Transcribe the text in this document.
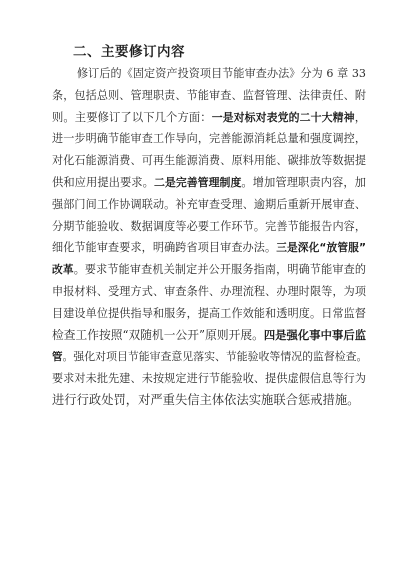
二、主要修订内容
修订后的《固定资产投资项目节能审查办法》分为 6 章 33
条，包括总则、管理职责、节能审查、监督管理、法律责任、附
则。主要修订了以下几个方面：一是对标对表党的二十大精神，
进一步明确节能审查工作导向，完善能源消耗总量和强度调控，
对化石能源消费、可再生能源消费、原料用能、碳排放等数据提
供和应用提出要求。二是完善管理制度。增加管理职责内容，加
强部门间工作协调联动。补充审查受理、逾期后重新开展审查、
分期节能验收、数据调度等必要工作环节。完善节能报告内容，
细化节能审查要求，明确跨省项目审查办法。三是深化“放管服”
改革。要求节能审查机关制定并公开服务指南，明确节能审查的
申报材料、受理方式、审查条件、办理流程、办理时限等，为项
目建设单位提供指导和服务，提高工作效能和透明度。日常监督
检查工作按照“双随机一公开”原则开展。四是强化事中事后监
管。强化对项目节能审查意见落实、节能验收等情况的监督检查。
要求对未批先建、未按规定进行节能验收、提供虚假信息等行为
进行行政处罚，对严重失信主体依法实施联合惩戒措施。
